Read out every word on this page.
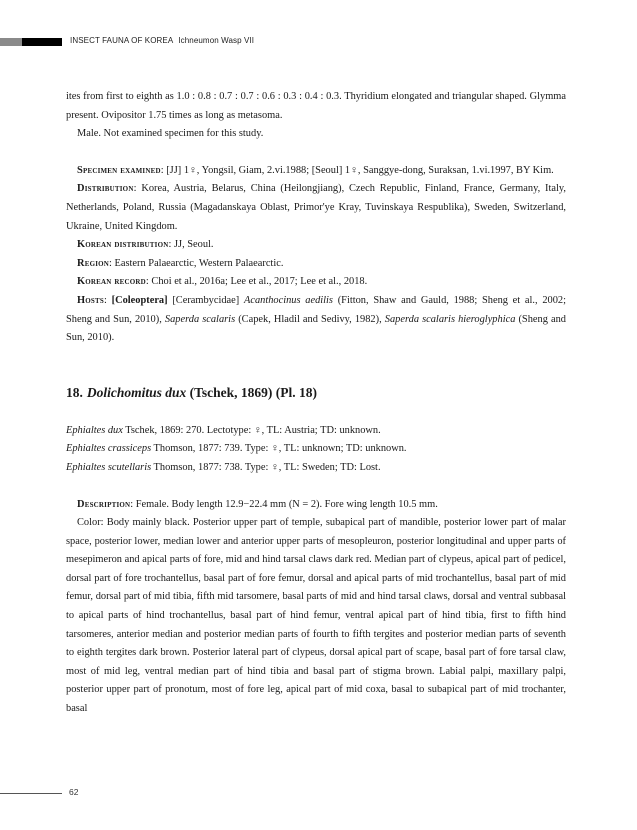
INSECT FAUNA OF KOREA Ichneumon Wasp VII

ites from first to eighth as 1.0 : 0.8 : 0.7 : 0.7 : 0.6 : 0.3 : 0.4 : 0.3. Thyridium elongated and triangular shaped. Glymma present. Ovipositor 1.75 times as long as metasoma.

Male. Not examined specimen for this study.

Specimen examined: [JJ] 1♀, Yongsil, Giam, 2.vi.1988; [Seoul] 1♀, Sanggye-dong, Suraksan, 1.vi.1997, BY Kim.

Distribution: Korea, Austria, Belarus, China (Heilongjiang), Czech Republic, Finland, France, Germany, Italy, Netherlands, Poland, Russia (Magadanskaya Oblast, Primor'ye Kray, Tuvinskaya Respublika), Sweden, Switzerland, Ukraine, United Kingdom.

Korean distribution: JJ, Seoul.

Region: Eastern Palaearctic, Western Palaearctic.

Korean record: Choi et al., 2016a; Lee et al., 2017; Lee et al., 2018.

Hosts: [Coleoptera] [Cerambycidae] Acanthocinus aedilis (Fitton, Shaw and Gauld, 1988; Sheng et al., 2002; Sheng and Sun, 2010), Saperda scalaris (Capek, Hladil and Sedivy, 1982), Saperda scalaris hieroglyphica (Sheng and Sun, 2010).

18. Dolichomitus dux (Tschek, 1869) (Pl. 18)

Ephialtes dux Tschek, 1869: 270. Lectotype: ♀, TL: Austria; TD: unknown.

Ephialtes crassiceps Thomson, 1877: 739. Type: ♀, TL: unknown; TD: unknown.

Ephialtes scutellaris Thomson, 1877: 738. Type: ♀, TL: Sweden; TD: Lost.

Description: Female. Body length 12.9−22.4 mm (N = 2). Fore wing length 10.5 mm.

Color: Body mainly black. Posterior upper part of temple, subapical part of mandible, posterior lower part of malar space, posterior lower, median lower and anterior upper parts of mesopleuron, posterior longitudinal and upper parts of mesepimeron and apical parts of fore, mid and hind tarsal claws dark red. Median part of clypeus, apical part of pedicel, dorsal part of fore trochantellus, basal part of fore femur, dorsal and apical parts of mid trochantellus, basal part of mid femur, dorsal part of mid tibia, fifth mid tarsomere, basal parts of mid and hind tarsal claws, dorsal and ventral subbasal to apical parts of hind trochantellus, basal part of hind femur, ventral apical part of hind tibia, first to fifth hind tarsomeres, anterior median and posterior median parts of fourth to fifth tergites and posterior median parts of seventh to eighth tergites dark brown. Posterior lateral part of clypeus, dorsal apical part of scape, basal part of fore tarsal claw, most of mid leg, ventral median part of hind tibia and basal part of stigma brown. Labial palpi, maxillary palpi, posterior upper part of pronotum, most of fore leg, apical part of mid coxa, basal to subapical part of mid trochanter, basal

62
